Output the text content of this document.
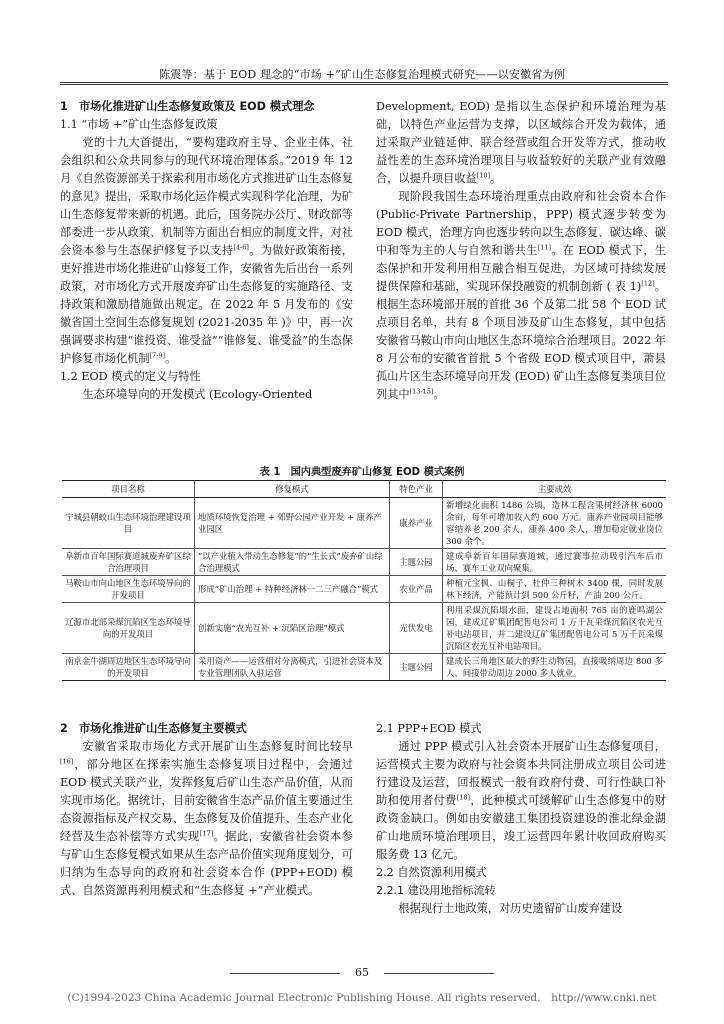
陈震等：基于 EOD 理念的“市场 +”矿山生态修复治理模式研究——以安徽省为例

1　市场化推进矿山生态修复政策及 EOD 模式理念

1.1 “市场 +”矿山生态修复政策

党的十九大首提出，“要构建政府主导、企业主体、社会组织和公众共同参与的现代环境治理体系。”2019 年 12 月《自然资源部关于探索利用市场化方式推进矿山生态修复的意见》提出，采取市场化运作模式实现科学化治理，为矿山生态修复带来新的机遇。此后，国务院办公厅、财政部等部委进一步从政策、机制等方面出台相应的制度文件，对社会资本参与生态保护修复予以支持[4-6]。为做好政策衔接，更好推进市场化推进矿山修复工作，安徽省先后出台一系列政策，对市场化方式开展废弃矿山生态修复的实施路径、支持政策和激励措施做出规定。在 2022 年 5 月发布的《安徽省国土空间生态修复规划 (2021-2035 年 )》中，再一次强调要求构建“谁投资、谁受益”“谁修复、谁受益”的生态保护修复市场化机制[7-9]。

1.2 EOD 模式的定义与特性

生态环境导向的开发模式 (Ecology-Oriented

Development, EOD) 是指以生态保护和环境治理为基础，以特色产业运营为支撑，以区域综合开发为载体，通过采取产业链延伸、联合经营或组合开发等方式，推动收益性差的生态环境治理项目与收益较好的关联产业有效融合，以提升项目收益[10]。

现阶段我国生态环境治理重点由政府和社会资本合作 (Public-Private Partnership，PPP) 模式逐步转变为 EOD 模式，治理方向也逐步转向以生态修复、碳达峰、碳中和等为主的人与自然和谐共生[11]。在 EOD 模式下，生态保护和开发利用相互融合相互促进，为区域可持续发展提供保障和基础，实现环保投融资的机制创新 ( 表 1)[12]。根据生态环境部开展的首批 36 个及第二批 58 个 EOD 试点项目名单，共有 8 个项目涉及矿山生态修复，其中包括安徽省马鞍山市向山地区生态环境综合治理项目。2022 年 8 月公布的安徽省首批 5 个省级 EOD 模式项目中，萧县孤山片区生态环境导向开发 (EOD) 矿山生态修复类项目位列其中[13-15]。

表 1　国内典型废弃矿山修复 EOD 模式案例
项目名称	修复模式	特色产业	主要成效
宁城县朝蛟山生态环境治理建设项目	地质环境恢复治理 + 郊野公园产业开发 + 康养产业园区	康养产业	新增绿化面积 1486 公顷，造林工程含果树经济林 6000 余亩，每年可增加收入约 600 万元。康养产业园项目能够容纳养老 200 余人，康养 400 余人，增加稳定就业岗位 300 余个。
阜新市百年国际赛道城废弃矿区综合治理项目	“以产业植入带动生态修复”的“生长式”废弃矿山综合治理模式	主题公园	建成阜新百年国际赛道城，通过赛事拉动吸引汽车后市场、赛车工业双向聚集。
马鞍山市向山地区生态环境导向的开发项目	形成“矿山治理 + 特种经济林一二三产融合”模式	农业产品	种植元宝枫、山桐子、杜仲三种树木 3400 棵，同时发展林下经济，产能预计到 500 公斤籽，产油 200 公斤。
辽源市北部采煤沉陷区生态环境导向的开发项目	创新实施“农光互补 + 沉陷区治理”模式	光伏发电	利用采煤沉陷塌水面，建设占地面积 765 亩的鹿鸣湖公园，建成辽矿集团配售电公司 1 万千瓦采煤沉陷区农光互补电站项目，并二建设辽矿集团配售电公司 5 万千瓦采煤沉陷区农光互补电站项目。
南京金牛湖周边地区生态环境导向的开发项目	采用资产——运营相对分离模式，引进社会资本及专业管理团队入驻运营	主题公园	建成长三角地区最大的野生动物园，直接吸纳周边 800 多人、间接带动周边 2000 多人就业。

2　市场化推进矿山生态修复主要模式

安徽省采取市场化方式开展矿山生态修复时间比较早[16]，部分地区在探索实施生态修复项目过程中，会通过 EOD 模式关联产业，发挥修复后矿山生态产品价值，从而实现市场化。据统计，目前安徽省生态产品价值主要通过生态资源指标及产权交易、生态修复及价值提升、生态产业化经营及生态补偿等方式实现[17]。据此，安徽省社会资本参与矿山生态修复模式如果从生态产品价值实现角度划分，可归纳为生态导向的政府和社会资本合作 (PPP+EOD) 模式、自然资源再利用模式和“生态修复 +”产业模式。

2.1 PPP+EOD 模式

通过 PPP 模式引入社会资本开展矿山生态修复项目，运营模式主要为政府与社会资本共同注册成立项目公司进行建设及运营，回报模式一般有政府付费、可行性缺口补助和使用者付费[18]，此种模式可缓解矿山生态修复中的财政资金缺口。例如由安徽建工集团投资建设的淮北绿金湖矿山地质环境治理项目，竣工运营四年累计收回政府购买服务费 13 亿元。

2.2 自然资源利用模式

2.2.1 建设用地指标流转

根据现行土地政策，对历史遗留矿山废弃建设

65
(C)1994-2023 China Academic Journal Electronic Publishing House. All rights reserved.　http://www.cnki.net
